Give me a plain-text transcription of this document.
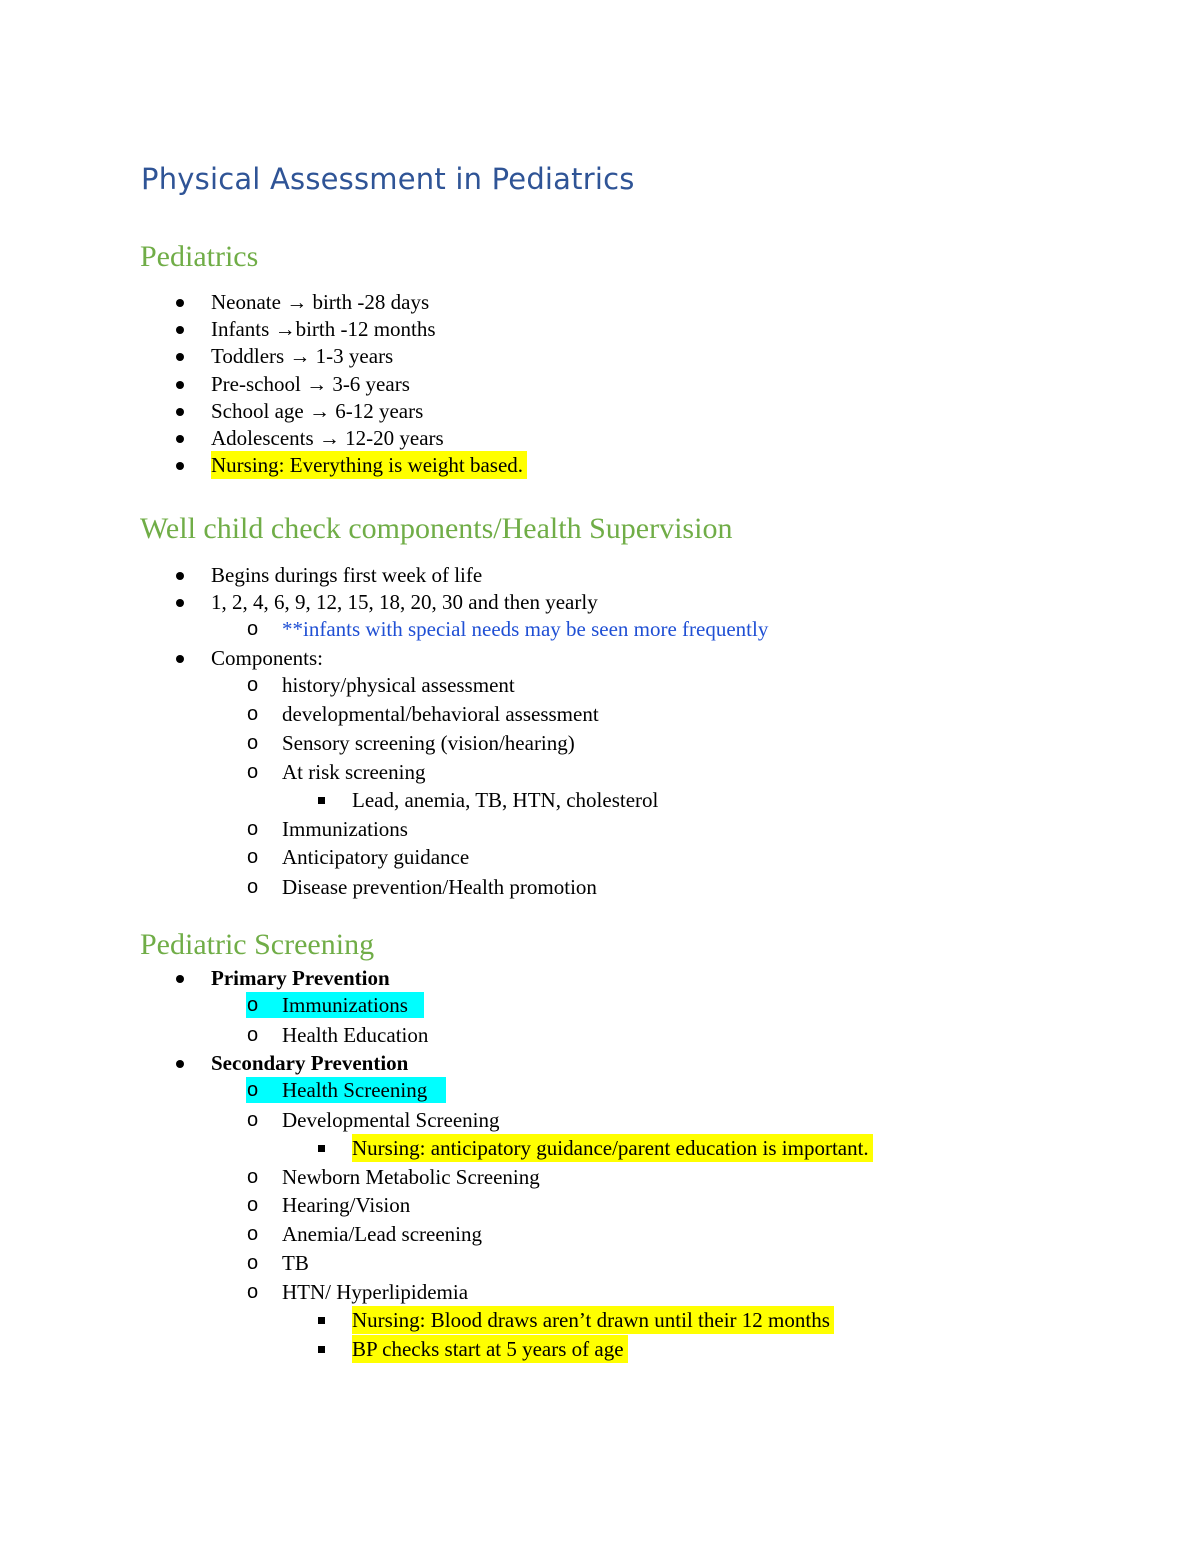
Physical Assessment in Pediatrics
Pediatrics
Neonate → birth -28 days
Infants →birth -12 months
Toddlers → 1-3 years
Pre-school → 3-6 years
School age → 6-12 years
Adolescents → 12-20 years
Nursing: Everything is weight based.
Well child check components/Health Supervision
Begins durings first week of life
1, 2, 4, 6, 9, 12, 15, 18, 20, 30 and then yearly
o **infants with special needs may be seen more frequently
Components:
o history/physical assessment
o developmental/behavioral assessment
o Sensory screening (vision/hearing)
o At risk screening
Lead, anemia, TB, HTN, cholesterol
o Immunizations
o Anticipatory guidance
o Disease prevention/Health promotion
Pediatric Screening
Primary Prevention
o Immunizations
o Health Education
Secondary Prevention
o Health Screening
o Developmental Screening
Nursing: anticipatory guidance/parent education is important.
o Newborn Metabolic Screening
o Hearing/Vision
o Anemia/Lead screening
o TB
o HTN/ Hyperlipidemia
Nursing: Blood draws aren’t drawn until their 12 months
BP checks start at 5 years of age
